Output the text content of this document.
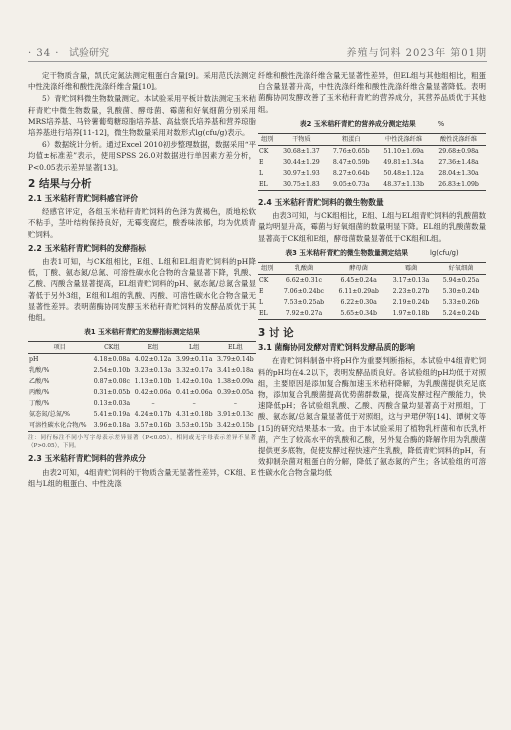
· 34 · 试验研究	养殖与饲料 2023年 第01期

定干物质含量，凯氏定氮法测定粗蛋白含量[9]。采用范氏法测定中性洗涤纤维和酸性洗涤纤维含量[10]。

5）青贮饲料微生物数量测定。本试验采用平板计数法测定玉米秸秆青贮中微生物数量，乳酸菌、酵母菌、霉菌和好氧细菌分别采用MRS培养基、马铃薯葡萄糖琼脂培养基、高盐察氏培养基和营养琼脂培养基进行培养[11-12]，微生物数量采用对数形式lg(cfu/g)表示。

6）数据统计分析。通过Excel 2010初步整理数据，数据采用“平均值±标准差”表示，使用SPSS 26.0对数据进行单因素方差分析，P<0.05表示差异显著[13]。

2 结果与分析
2.1 玉米秸秆青贮饲料感官评价

经感官评定，各组玉米秸秆青贮饲料的色泽为黄褐色，质地松软不粘手，茎叶结构保持良好，无霉变腐烂，酸香味浓郁，均为优质青贮饲料。

2.2 玉米秸秆青贮饲料的发酵指标

由表1可知，与CK组相比，E组、L组和EL组青贮饲料的pH降低，丁酸、氨态氮/总氮、可溶性碳水化合物的含量显著下降，乳酸、乙酸、丙酸含量显著提高，EL组青贮饲料的pH、氨态氮/总氮含量显著低于另外3组，E组和L组的乳酸、丙酸、可溶性碳水化合物含量无显著性差异。表明菌酶协同发酵玉米秸秆青贮饲料的发酵品质优于其他组。

表1 玉米秸秆青贮的发酵指标测定结果
项目	CK组	E组	L组	EL组
pH	4.18±0.08a	4.02±0.12a	3.99±0.11a	3.79±0.14b
乳酸/%	2.54±0.10b	3.23±0.13a	3.32±0.17a	3.41±0.18a
乙酸/%	0.87±0.08c	1.13±0.10b	1.42±0.10a	1.38±0.09a
丙酸/%	0.31±0.05b	0.42±0.06a	0.41±0.06a	0.39±0.05a
丁酸/%	0.13±0.03a	–	–	–
氨态氮/总氮/%	5.41±0.19a	4.24±0.17b	4.31±0.18b	3.91±0.13c
可溶性碳水化合物/%	3.96±0.18a	3.57±0.16b	3.53±0.15b	3.42±0.15b

注：同行标注不同小写字母表示差异显著（P<0.05），相同或无字母表示差异不显著（P>0.05），下同。

2.3 玉米秸秆青贮饲料的营养成分

由表2可知，4组青贮饲料的干物质含量无显著性差异，CK组、E组与L组的粗蛋白、中性洗涤

纤维和酸性洗涤纤维含量无显著性差异，但EL组与其他组相比，粗蛋白含量显著升高，中性洗涤纤维和酸性洗涤纤维含量显著降低。表明菌酶协同发酵改善了玉米秸秆青贮的营养成分，其营养品质优于其他组。

表2 玉米秸秆青贮的营养成分测定结果	%
组别	干物质	粗蛋白	中性洗涤纤维	酸性洗涤纤维
CK	30.68±1.37	7.76±0.65b	51.10±1.69a	29.68±0.98a
E	30.44±1.29	8.47±0.59b	49.81±1.34a	27.36±1.48a
L	30.97±1.93	8.27±0.64b	50.48±1.12a	28.04±1.30a
EL	30.75±1.83	9.05±0.73a	48.37±1.13b	26.83±1.09b
2.4 玉米秸秆青贮饲料的微生物数量

由表3可知，与CK组相比，E组、L组与EL组青贮饲料的乳酸菌数量均明显升高，霉菌与好氧细菌的数量明显下降。EL组的乳酸菌数量显著高于CK组和E组，酵母菌数量显著低于CK组和L组。

表3 玉米秸秆青贮的微生物数量测定结果	lg(cfu/g)
组别	乳酸菌	酵母菌	霉菌	好氧细菌
CK	6.62±0.31c	6.45±0.24a	3.17±0.13a	5.94±0.25a
E	7.06±0.24bc	6.11±0.29ab	2.23±0.27b	5.30±0.24b
L	7.53±0.25ab	6.22±0.30a	2.19±0.24b	5.33±0.26b
EL	7.92±0.27a	5.65±0.34b	1.97±0.18b	5.24±0.24b
3 讨 论
3.1 菌酶协同发酵对青贮饲料发酵品质的影响

在青贮饲料制备中将pH作为重要判断指标，本试验中4组青贮饲料的pH均在4.2以下，表明发酵品质良好。各试验组的pH均低于对照组，主要原因是添加复合酶加速玉米秸秆降解，为乳酸菌提供充足底物，添加复合乳酸菌提高优势菌群数量，提高发酵过程产酸能力，快速降低pH；各试验组乳酸、乙酸、丙酸含量均显著高于对照组，丁酸、氨态氮/总氮含量显著低于对照组，这与尹珺伊等[14]、谭树文等[15]的研究结果基本一致。由于本试验采用了植物乳杆菌和布氏乳杆菌，产生了较高水平的乳酸和乙酸，另外复合酶的降解作用为乳酸菌提供更多底物，促使发酵过程快速产生乳酸，降低青贮饲料的pH，有效抑制杂菌对粗蛋白的分解，降低了氨态氮的产生；各试验组的可溶性碳水化合物含量均低
